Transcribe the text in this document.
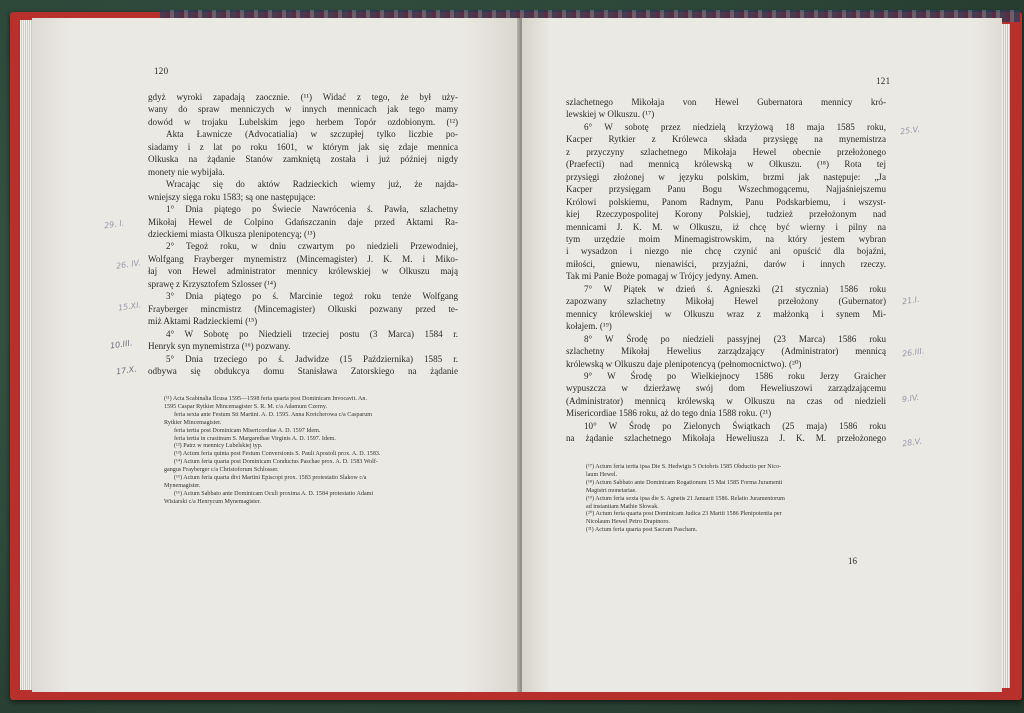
120
gdyż wyroki zapadają zaocznie. (¹¹) Widać z tego, że był uży-
wany do spraw menniczych w innych mennicach jak tego mamy
dowód w trojaku Lubelskim jego herbem Topór ozdobionym. (¹²)
Akta Ławnicze (Advocatialia) w szczupłej tylko liczbie po-
siadamy i z lat po roku 1601, w którym jak się zdaje mennica
Olkuska na żądanie Stanów zamkniętą została i już później nigdy
monety nie wybijała.
Wracając się do aktów Radzieckich wiemy już, że najda-
wniejszy sięga roku 1583; są one następujące:
1° Dnia piątego po Świecie Nawrócenia ś. Pawła, szlachetny
Mikołaj Hewel de Colpino Gdańszczanin daje przed Aktami Ra-
dzieckiemi miasta Olkusza plenipotencyą; (¹³)
2° Tegoż roku, w dniu czwartym po niedzieli Przewodniej,
Wolfgang Frayberger mynemistrz (Mincemagister) J. K. M. i Miko-
łaj von Hewel administrator mennicy królewskiej w Olkuszu mają
sprawę z Krzysztofem Szlosser (¹⁴)
3° Dnia piątego po ś. Marcinie tegoż roku tenże Wolfgang
Frayberger mincmistrz (Mincemagister) Olkuski pozwany przed te-
miż Aktami Radzieckiemi (¹⁵)
4° W Sobotę po Niedzieli trzeciej postu (3 Marca) 1584 r.
Henryk syn mynemistrza (¹⁶) pozwany.
5° Dnia trzeciego po ś. Jadwidze (15 Października) 1585 r.
odbywa się obdukcya domu Stanisława Zatorskiego na żądanie
(¹¹) Acta Scabinalia Ilcusa 1595—1598 feria quarta post Dominicam Invocavit. An.
1595 Caspar Rytkier Mincemagister S. R. M. c/a Adamum Czerny.
feria sexta ante Festum Sti Martini. A. D. 1595. Anna Kreicherowa c/a Casparum
Rytkier Mincemagister.
feria tertia post Dominicam Misericordiae A. D. 1597 Idem.
feria tertia in crastinum S. Margarethae Virginis A. D. 1597. Idem.
(¹²) Patrz w mennicy Lubelskiej typ.
(¹³) Actum feria quinta post Festum Conversionis S. Pauli Apostoli prox. A. D. 1583.
(¹⁴) Actum feria quarta post Dominicam Conductus Paschae prox. A. D. 1583 Wolf-
gangus Frayberger c/a Christoforum Schlosser.
(¹⁵) Actum feria quarta divi Martini Episcopi prox. 1583 protestatio Slakow c/a
Mynemagister.
(¹⁶) Actum Sabbato ante Dominicam Oculi proxima A. D. 1584 protestatio Adami
Wisiarski c/a Henrycum Mynemagister.
29. I.
26. IV.
15.XI.
10.III.
17.X.
121
szlachetnego Mikołaja von Hewel Gubernatora mennicy kró-
lewskiej w Olkuszu. (¹⁷)
6° W sobotę przez niedzielą krzyżową 18 maja 1585 roku,
Kacper Rytkier z Królewca składa przysięgę na mynemistrza
z przyczyny szlachetnego Mikołaja Hewel obecnie przełożonego
(Praefecti) nad mennicą królewską w Olkuszu. (¹⁸) Rota tej
przysięgi złożonej w języku polskim, brzmi jak następuje: „Ja
Kacper przysięgam Panu Bogu Wszechmogącemu, Najjaśniejszemu
Królowi polskiemu, Panom Radnym, Panu Podskarbiemu, i wszyst-
kiej Rzeczypospolitej Korony Polskiej, tudzież przełożonym nad
mennicami J. K. M. w Olkuszu, iż chcę być wierny i pilny na
tym urzędzie moim Minemagistrowskim, na który jestem wybran
i wysadzon i niezgo nie chcę czynić ani opuścić dla bojaźni,
miłości, gniewu, nienawiści, przyjaźni, darów i innych rzeczy.
Tak mi Panie Boże pomagaj w Trójcy jedyny. Amen.
7° W Piątek w dzień ś. Agnieszki (21 stycznia) 1586 roku
zapozwany szlachetny Mikołaj Hewel przełożony (Gubernator)
mennicy królewskiej w Olkuszu wraz z małżonką i synem Mi-
kołajem. (¹⁹)
8° W Środę po niedzieli passyjnej (23 Marca) 1586 roku
szlachetny Mikołaj Hewelius zarządzający (Administrator) mennicą
królewską w Olkuszu daje plenipotencyą (pełnomocnictwo). (²⁰)
9° W Środę po Wielkiejnocy 1586 roku Jerzy Graicher
wypuszcza w dzierżawę swój dom Heweliuszowi zarządzającemu
(Administrator) mennicą królewską w Olkuszu na czas od niedzieli
Misericordiae 1586 roku, aż do tego dnia 1588 roku. (²¹)
10° W Środę po Zielonych Świątkach (25 maja) 1586 roku
na żądanie szlachetnego Mikołaja Heweliusza J. K. M. przełożonego
(¹⁷) Actum feria tertia ipsa Die S. Hedwigis 5 Octobris 1585 Obductio per Nico-
laum Hewel.
(¹⁸) Actum Sabbato ante Dominicam Rogationum 15 Mai 1585 Forma Juramenti
Magistri monetariae.
(¹⁹) Actum feria sexta ipsa die S. Agnetis 21 Januarii 1586. Relatio Juramentorum
ad instantiam Mathie Słowak.
(²⁰) Actum feria quarta post Dominicam Judica 23 Martii 1586 Plenipotentia per
Nicolaum Hewel Petro Drapinoro.
(²¹) Actum feria quarta post Sacram Pascham.
16
25.V.
21.I.
26.III.
9.IV.
28.V.
